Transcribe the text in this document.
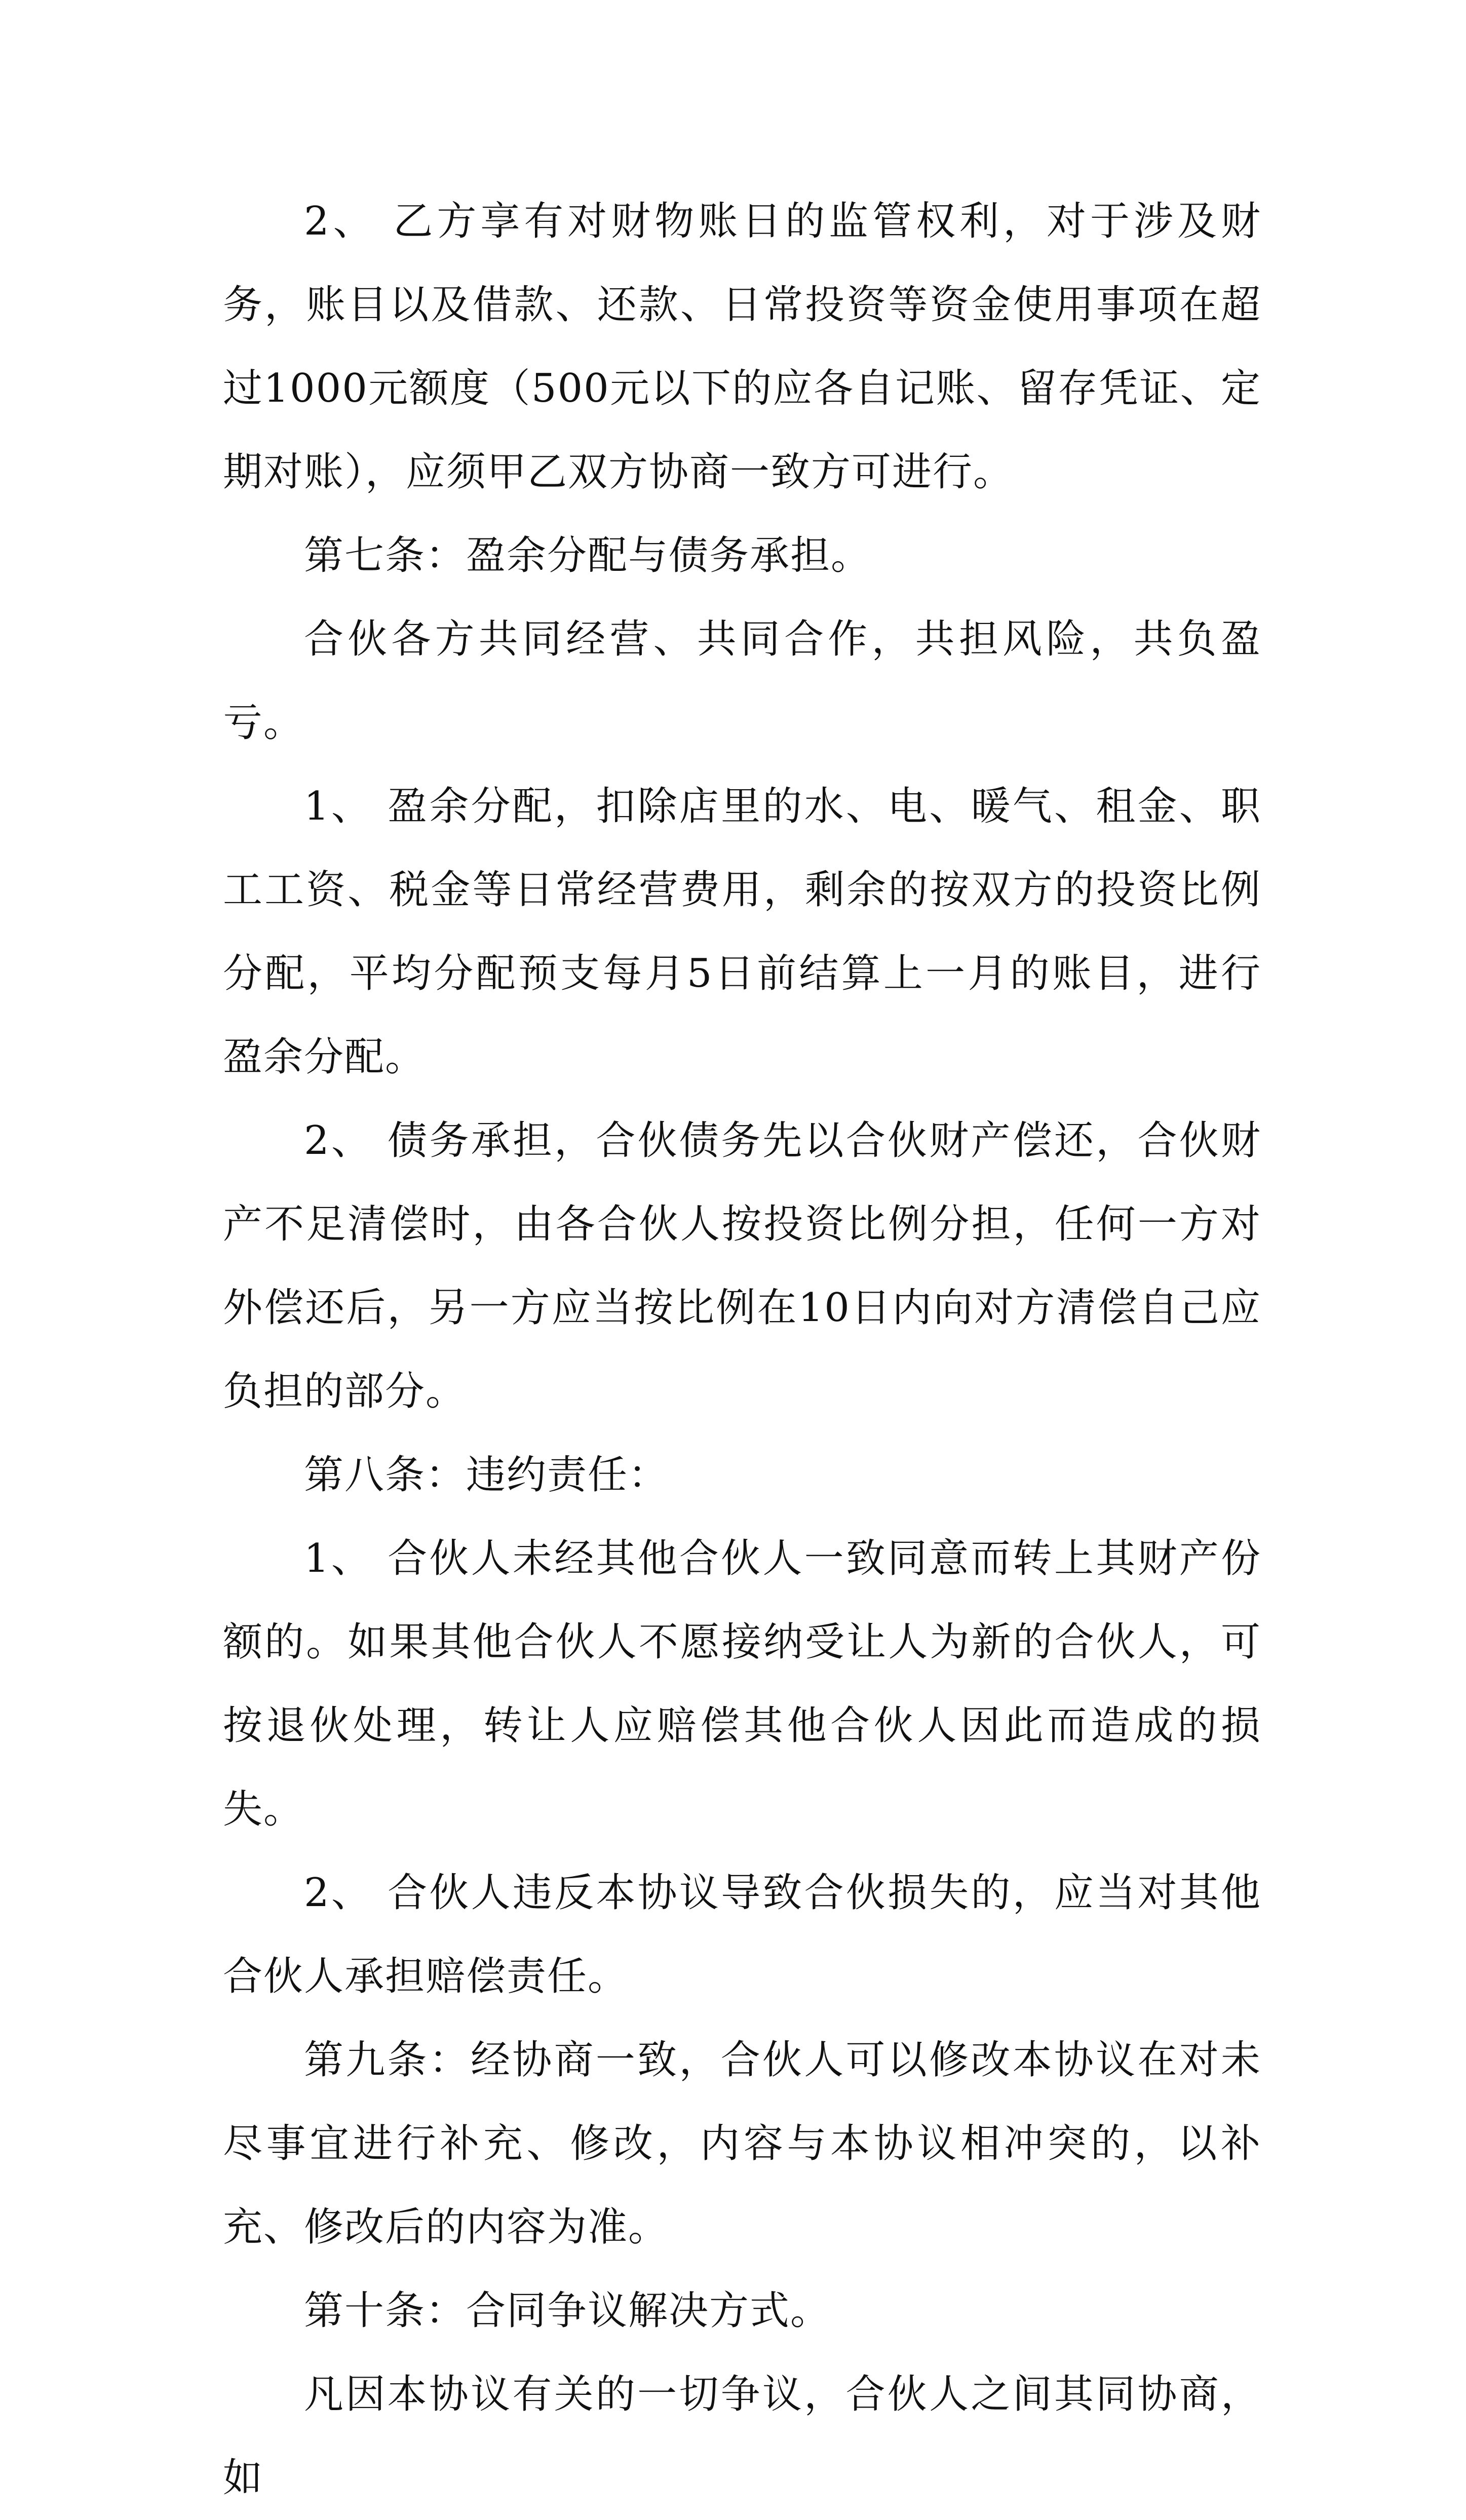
2、 乙方享有对财物账日的监管权利，对于涉及财务，账目以及借款、还款、日常投资等资金使用事项在超过1000元额度（500元以下的应各自记账、留存凭证、定期对账），应须甲乙双方协商一致方可进行。

第七条：盈余分配与债务承担。

合伙各方共同经营、共同合作，共担风险，共负盈亏。

1、 盈余分配，扣除店里的水、电、暖气、租金、职工工资、税金等日常经营费用，剩余的按双方的投资比例分配，平均分配预支每月5日前结算上一月的账目，进行盈余分配。

2、 债务承担，合伙债务先以合伙财产偿还，合伙财产不足清偿时，由各合伙人按投资比例分担，任何一方对外偿还后，另一方应当按比例在10日内向对方清偿自己应负担的部分。

第八条：违约责任：

1、 合伙人未经其他合伙人一致同意而转上其财产份额的。如果其他合伙人不愿接纳受让人为新的合伙人，可按退伙处理，转让人应赔偿其他合伙人因此而造成的损失。

2、 合伙人违反本协议导致合伙损失的，应当对其他合伙人承担赔偿责任。

第九条：经协商一致，合伙人可以修改本协议在对未尽事宜进行补充、修改，内容与本协议相冲突的，以补充、修改后的内容为准。

第十条：合同争议解决方式。

凡因本协议有关的一切争议，合伙人之间其同协商，如
